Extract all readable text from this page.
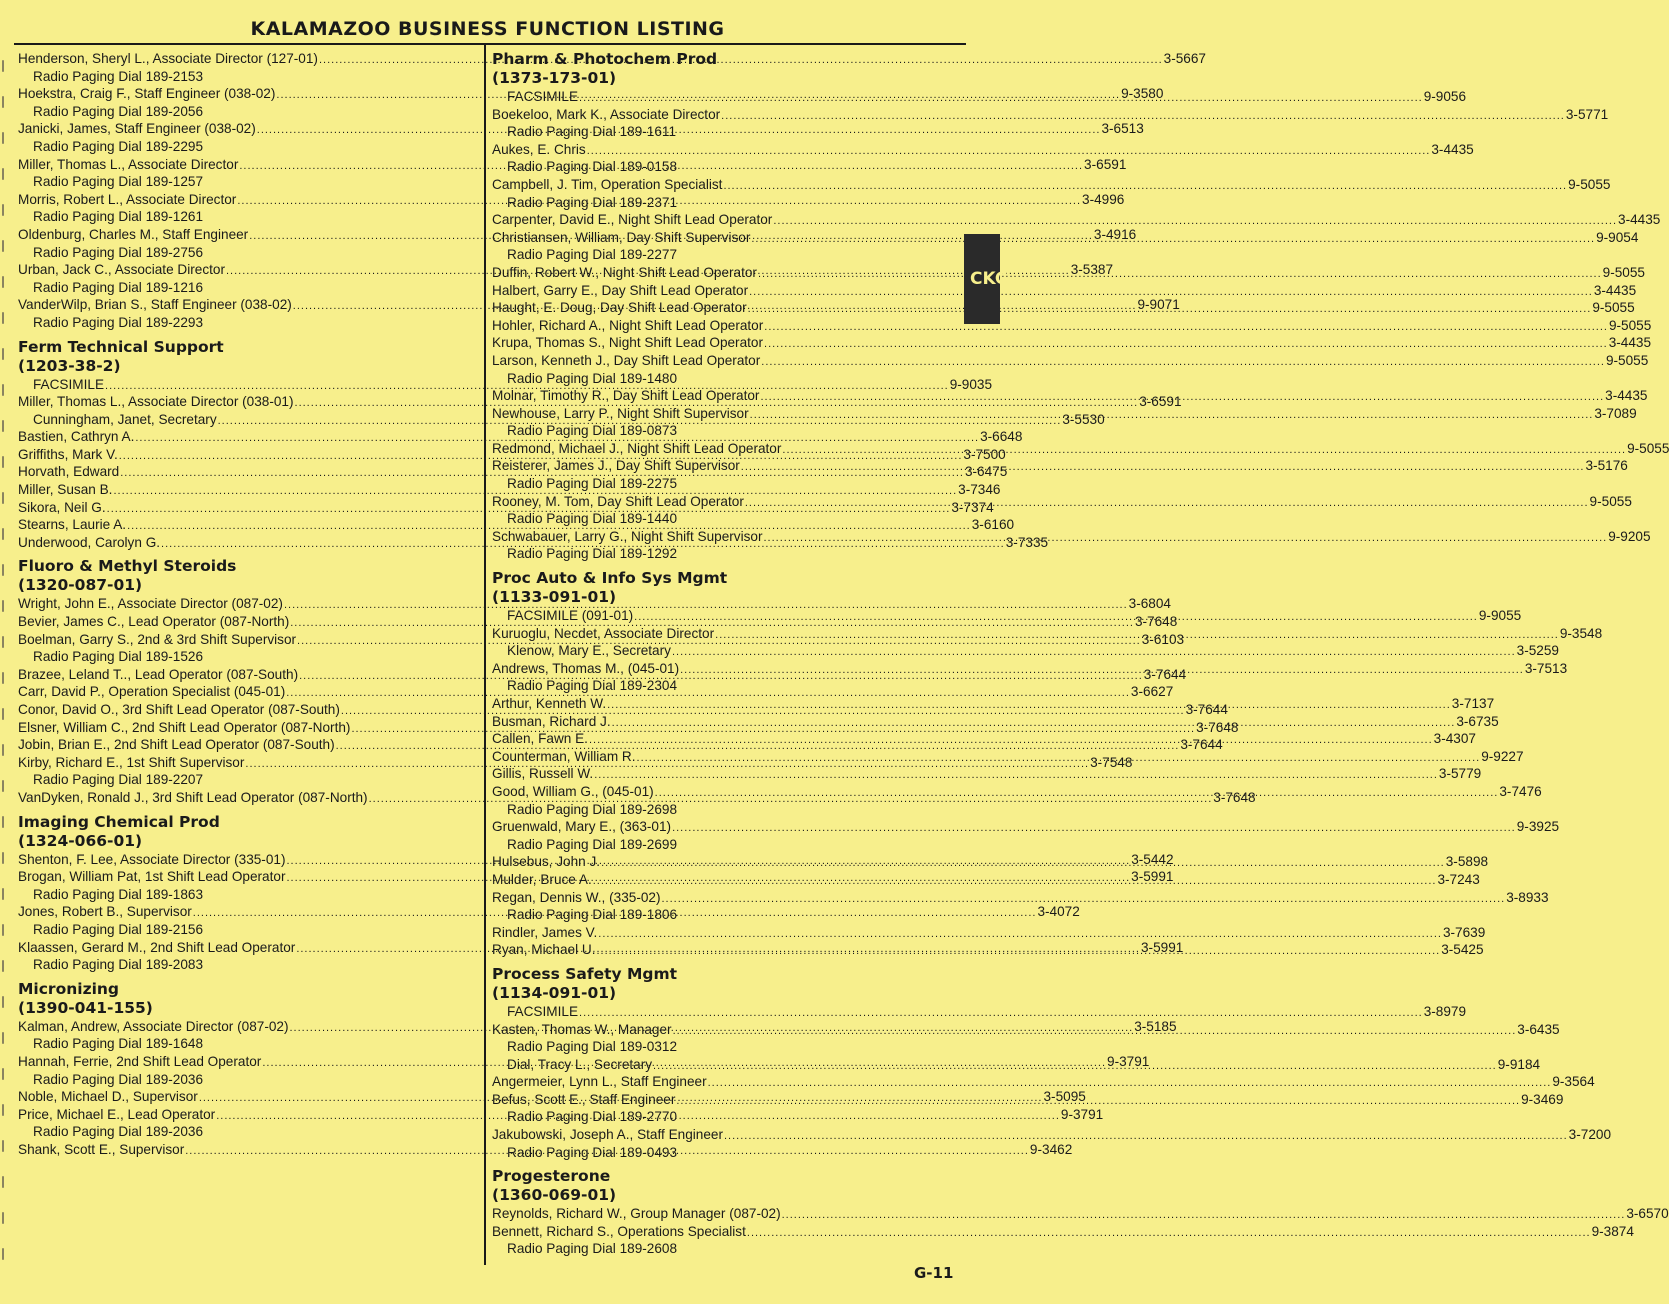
KALAMAZOO BUSINESS FUNCTION LISTING
Henderson, Sheryl L., Associate Director (127-01) .....	3-5667
Radio Paging Dial 189-2153
Hoekstra, Craig F., Staff Engineer (038-02) .....	9-3580
Radio Paging Dial 189-2056
Janicki, James, Staff Engineer (038-02) .....	3-6513
Radio Paging Dial 189-2295
Miller, Thomas L., Associate Director .....	3-6591
Radio Paging Dial 189-1257
Morris, Robert L., Associate Director .....	3-4996
Radio Paging Dial 189-1261
Oldenburg, Charles M., Staff Engineer .....	3-4916
Radio Paging Dial 189-2756
Urban, Jack C., Associate Director .....	3-5387
Radio Paging Dial 189-1216
VanderWilp, Brian S., Staff Engineer (038-02) .....	9-9071
Radio Paging Dial 189-2293
Ferm Technical Support
(1203-38-2)
FACSIMILE .....	9-9035
Miller, Thomas L., Associate Director (038-01) .....	3-6591
Cunningham, Janet, Secretary .....	3-5530
Bastien, Cathryn A. .....	3-6648
Griffiths, Mark V. .....	3-7500
Horvath, Edward .....	3-6475
Miller, Susan B. .....	3-7346
Sikora, Neil G. .....	3-7374
Stearns, Laurie A. .....	3-6160
Underwood, Carolyn G. .....	3-7335
Fluoro & Methyl Steroids
(1320-087-01)
Wright, John E., Associate Director (087-02) .....	3-6804
Bevier, James C., Lead Operator (087-North) .....	3-7648
Boelman, Garry S., 2nd & 3rd Shift Supervisor .....	3-6103
Radio Paging Dial 189-1526
Brazee, Leland T.., Lead Operator (087-South) .....	3-7644
Carr, David P., Operation Specialist (045-01) .....	3-6627
Conor, David O., 3rd Shift Lead Operator (087-South) .....	3-7644
Elsner, William C., 2nd Shift Lead Operator (087-North) .....	3-7648
Jobin, Brian E., 2nd Shift Lead Operator (087-South) .....	3-7644
Kirby, Richard E., 1st Shift Supervisor .....	3-7548
Radio Paging Dial 189-2207
VanDyken, Ronald J., 3rd Shift Lead Operator (087-North) .....	3-7648
Imaging Chemical Prod
(1324-066-01)
Shenton, F. Lee, Associate Director (335-01) .....	3-5442
Brogan, William Pat, 1st Shift Lead Operator .....	3-5991
Radio Paging Dial 189-1863
Jones, Robert B., Supervisor .....	3-4072
Radio Paging Dial 189-2156
Klaassen, Gerard M., 2nd Shift Lead Operator .....	3-5991
Radio Paging Dial 189-2083
Micronizing
(1390-041-155)
Kalman, Andrew, Associate Director (087-02) .....	3-5185
Radio Paging Dial 189-1648
Hannah, Ferrie, 2nd Shift Lead Operator .....	9-3791
Radio Paging Dial 189-2036
Noble, Michael D., Supervisor .....	3-5095
Price, Michael E., Lead Operator .....	9-3791
Radio Paging Dial 189-2036
Shank, Scott E., Supervisor .....	9-3462
Pharm & Photochem Prod
(1373-173-01)
FACSIMILE .....	9-9056
Boekeloo, Mark K., Associate Director .....	3-5771
Radio Paging Dial 189-1611
Aukes, E. Chris .....	3-4435
Radio Paging Dial 189-0158
Campbell, J. Tim, Operation Specialist .....	9-5055
Radio Paging Dial 189-2371
Carpenter, David E., Night Shift Lead Operator .....	3-4435
Christiansen, William, Day Shift Supervisor .....	9-9054
Radio Paging Dial 189-2277
Duffin, Robert W., Night Shift Lead Operator .....	9-5055
Halbert, Garry E., Day Shift Lead Operator .....	3-4435
Haught, E. Doug, Day Shift Lead Operator .....	9-5055
Hohler, Richard A., Night Shift Lead Operator .....	9-5055
Krupa, Thomas S., Night Shift Lead Operator .....	3-4435
Larson, Kenneth J., Day Shift Lead Operator .....	9-5055
Radio Paging Dial 189-1480
Molnar, Timothy R., Day Shift Lead Operator .....	3-4435
Newhouse, Larry P., Night Shift Supervisor .....	3-7089
Radio Paging Dial 189-0873
Redmond, Michael J., Night Shift Lead Operator .....	9-5055
Reisterer, James J., Day Shift Supervisor .....	3-5176
Radio Paging Dial 189-2275
Rooney, M. Tom, Day Shift Lead Operator .....	9-5055
Radio Paging Dial 189-1440
Schwabauer, Larry G., Night Shift Supervisor .....	9-9205
Radio Paging Dial 189-1292
Proc Auto & Info Sys Mgmt
(1133-091-01)
FACSIMILE (091-01) .....	9-9055
Kuruoglu, Necdet, Associate Director .....	9-3548
Klenow, Mary E., Secretary .....	3-5259
Andrews, Thomas M., (045-01) .....	3-7513
Radio Paging Dial 189-2304
Arthur, Kenneth W. .....	3-7137
Busman, Richard J. .....	3-6735
Callen, Fawn E. .....	3-4307
Counterman, William R. .....	9-9227
Gillis, Russell W. .....	3-5779
Good, William G., (045-01) .....	3-7476
Radio Paging Dial 189-2698
Gruenwald, Mary E., (363-01) .....	9-3925
Radio Paging Dial 189-2699
Hulsebus, John J. .....	3-5898
Mulder, Bruce A. .....	3-7243
Regan, Dennis W., (335-02) .....	3-8933
Radio Paging Dial 189-1806
Rindler, James V. .....	3-7639
Ryan, Michael U. .....	3-5425
Process Safety Mgmt
(1134-091-01)
FACSIMILE .....	3-8979
Kasten, Thomas W., Manager .....	3-6435
Radio Paging Dial 189-0312
Dial, Tracy L., Secretary .....	9-9184
Angermeier, Lynn L., Staff Engineer .....	9-3564
Befus, Scott E., Staff Engineer .....	9-3469
Radio Paging Dial 189-2770
Jakubowski, Joseph A., Staff Engineer .....	3-7200
Radio Paging Dial 189-0493
Progesterone
(1360-069-01)
Reynolds, Richard W., Group Manager (087-02) .....	3-6570
Bennett, Richard S., Operations Specialist .....	9-3874
Radio Paging Dial 189-2608
CKC
G-11
